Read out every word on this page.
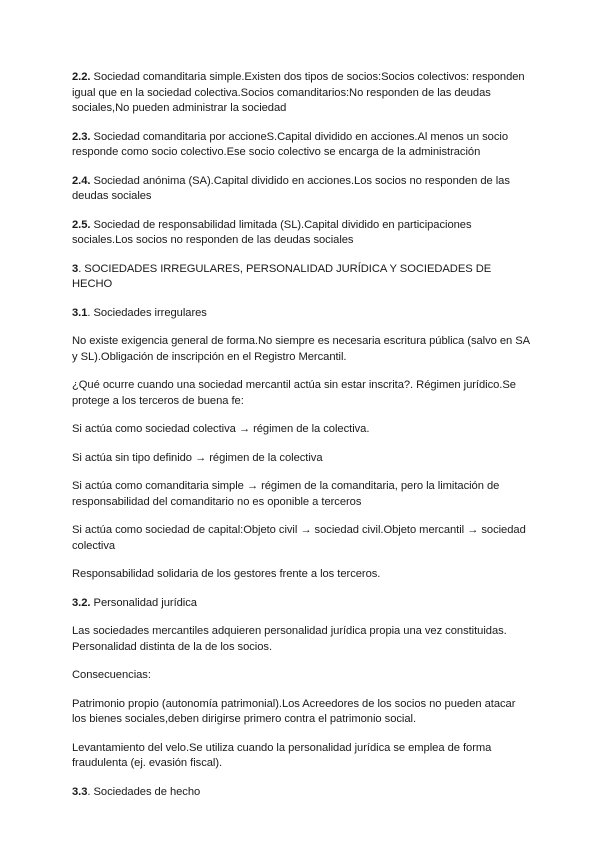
2.2. Sociedad comanditaria simple.Existen dos tipos de socios:Socios colectivos: responden igual que en la sociedad colectiva.Socios comanditarios:No responden de las deudas sociales,No pueden administrar la sociedad

2.3. Sociedad comanditaria por accioneS.Capital dividido en acciones.Al menos un socio responde como socio colectivo.Ese socio colectivo se encarga de la administración

2.4. Sociedad anónima (SA).Capital dividido en acciones.Los socios no responden de las deudas sociales

2.5. Sociedad de responsabilidad limitada (SL).Capital dividido en participaciones sociales.Los socios no responden de las deudas sociales

3. SOCIEDADES IRREGULARES, PERSONALIDAD JURÍDICA Y SOCIEDADES DE HECHO

3.1. Sociedades irregulares

No existe exigencia general de forma.No siempre es necesaria escritura pública (salvo en SA y SL).Obligación de inscripción en el Registro Mercantil.

¿Qué ocurre cuando una sociedad mercantil actúa sin estar inscrita?. Régimen jurídico.Se protege a los terceros de buena fe:

Si actúa como sociedad colectiva → régimen de la colectiva.

Si actúa sin tipo definido → régimen de la colectiva

Si actúa como comanditaria simple → régimen de la comanditaria, pero la limitación de responsabilidad del comanditario no es oponible a terceros

Si actúa como sociedad de capital:Objeto civil → sociedad civil.Objeto mercantil → sociedad colectiva

Responsabilidad solidaria de los gestores frente a los terceros.

3.2. Personalidad jurídica

Las sociedades mercantiles adquieren personalidad jurídica propia una vez constituidas. Personalidad distinta de la de los socios.

Consecuencias:

Patrimonio propio (autonomía patrimonial).Los Acreedores de los socios no pueden atacar los bienes sociales,deben dirigirse primero contra el patrimonio social.

Levantamiento del velo.Se utiliza cuando la personalidad jurídica se emplea de forma fraudulenta (ej. evasión fiscal).

3.3. Sociedades de hecho
